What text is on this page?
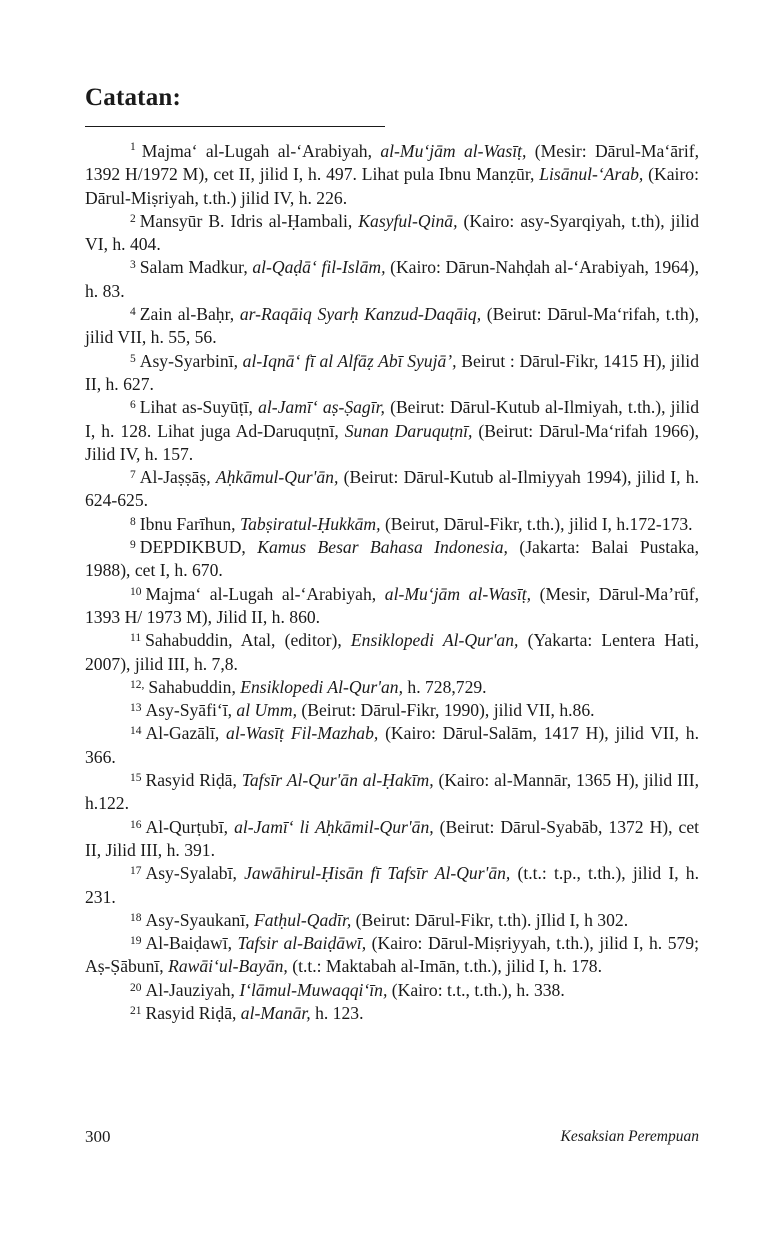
Catatan:

$^1$ Majma‘ al-Lugah al-‘Arabiyah, al-Mu‘jām al-Wasīṭ, (Mesir: Dārul-Ma‘ārif, 1392 H/1972 M), cet II, jilid I, h. 497. Lihat pula Ibnu Manẓūr, Lisānul-‘Arab, (Kairo: Dārul-Miṣriyah, t.th.) jilid IV, h. 226.

$^2$ Mansyūr B. Idris al-Ḥambali, Kasyful-Qinā, (Kairo: asy-Syarqiyah, t.th), jilid VI, h. 404.

$^3$ Salam Madkur, al-Qaḍā‘ fil-Islām, (Kairo: Dārun-Nahḍah al-‘Arabiyah, 1964), h. 83.

$^4$ Zain al-Baḥr, ar-Raqāiq Syarḥ Kanzud-Daqāiq, (Beirut: Dārul-Ma‘rifah, t.th), jilid VII, h. 55, 56.

$^5$ Asy-Syarbinī, al-Iqnā‘ fī al Alfāẓ Abī Syujā’, Beirut : Dārul-Fikr, 1415 H), jilid II, h. 627.

$^6$ Lihat as-Suyūṭī, al-Jamī‘ aṣ-Ṣagīr, (Beirut: Dārul-Kutub al-Ilmiyah, t.th.), jilid I, h. 128. Lihat juga Ad-Daruquṭnī, Sunan Daruquṭnī, (Beirut: Dārul-Ma‘rifah 1966), Jilid IV, h. 157.

$^7$ Al-Jaṣṣāṣ, Aḥkāmul-Qur'ān, (Beirut: Dārul-Kutub al-Ilmiyyah 1994), jilid I, h. 624-625.

$^8$ Ibnu Farīhun, Tabṣiratul-Ḥukkām, (Beirut, Dārul-Fikr, t.th.), jilid I, h.172-173.

$^9$ DEPDIKBUD, Kamus Besar Bahasa Indonesia, (Jakarta: Balai Pustaka, 1988), cet I, h. 670.

$^{10}$ Majma‘ al-Lugah al-‘Arabiyah, al-Mu‘jām al-Wasīṭ, (Mesir, Dārul-Ma’rūf, 1393 H/ 1973 M), Jilid II, h. 860.

$^{11}$ Sahabuddin, Atal, (editor), Ensiklopedi Al-Qur'an, (Yakarta: Lentera Hati, 2007), jilid III, h. 7,8.

$^{12,}$ Sahabuddin, Ensiklopedi Al-Qur'an, h. 728,729.

$^{13}$ Asy-Syāfi‘ī, al Umm, (Beirut: Dārul-Fikr, 1990), jilid VII, h.86.

$^{14}$ Al-Gazālī, al-Wasīṭ Fil-Mazhab, (Kairo: Dārul-Salām, 1417 H), jilid VII, h. 366.

$^{15}$ Rasyid Riḍā, Tafsīr Al-Qur'ān al-Ḥakīm, (Kairo: al-Mannār, 1365 H), jilid III, h.122.

$^{16}$ Al-Qurṭubī, al-Jamī‘ li Aḥkāmil-Qur'ān, (Beirut: Dārul-Syabāb, 1372 H), cet II, Jilid III, h. 391.

$^{17}$ Asy-Syalabī, Jawāhirul-Ḥisān fī Tafsīr Al-Qur'ān, (t.t.: t.p., t.th.), jilid I, h. 231.

$^{18}$ Asy-Syaukanī, Fatḥul-Qadīr, (Beirut: Dārul-Fikr, t.th). jIlid I, h 302.

$^{19}$ Al-Baiḍawī, Tafsir al-Baiḍāwī, (Kairo: Dārul-Miṣriyyah, t.th.), jilid I, h. 579; Aṣ-Ṣābunī, Rawāi‘ul-Bayān, (t.t.: Maktabah al-Imān, t.th.), jilid I, h. 178.

$^{20}$ Al-Jauziyah, I‘lāmul-Muwaqqi‘īn, (Kairo: t.t., t.th.), h. 338.

$^{21}$ Rasyid Riḍā, al-Manār, h. 123.

300	Kesaksian Perempuan
